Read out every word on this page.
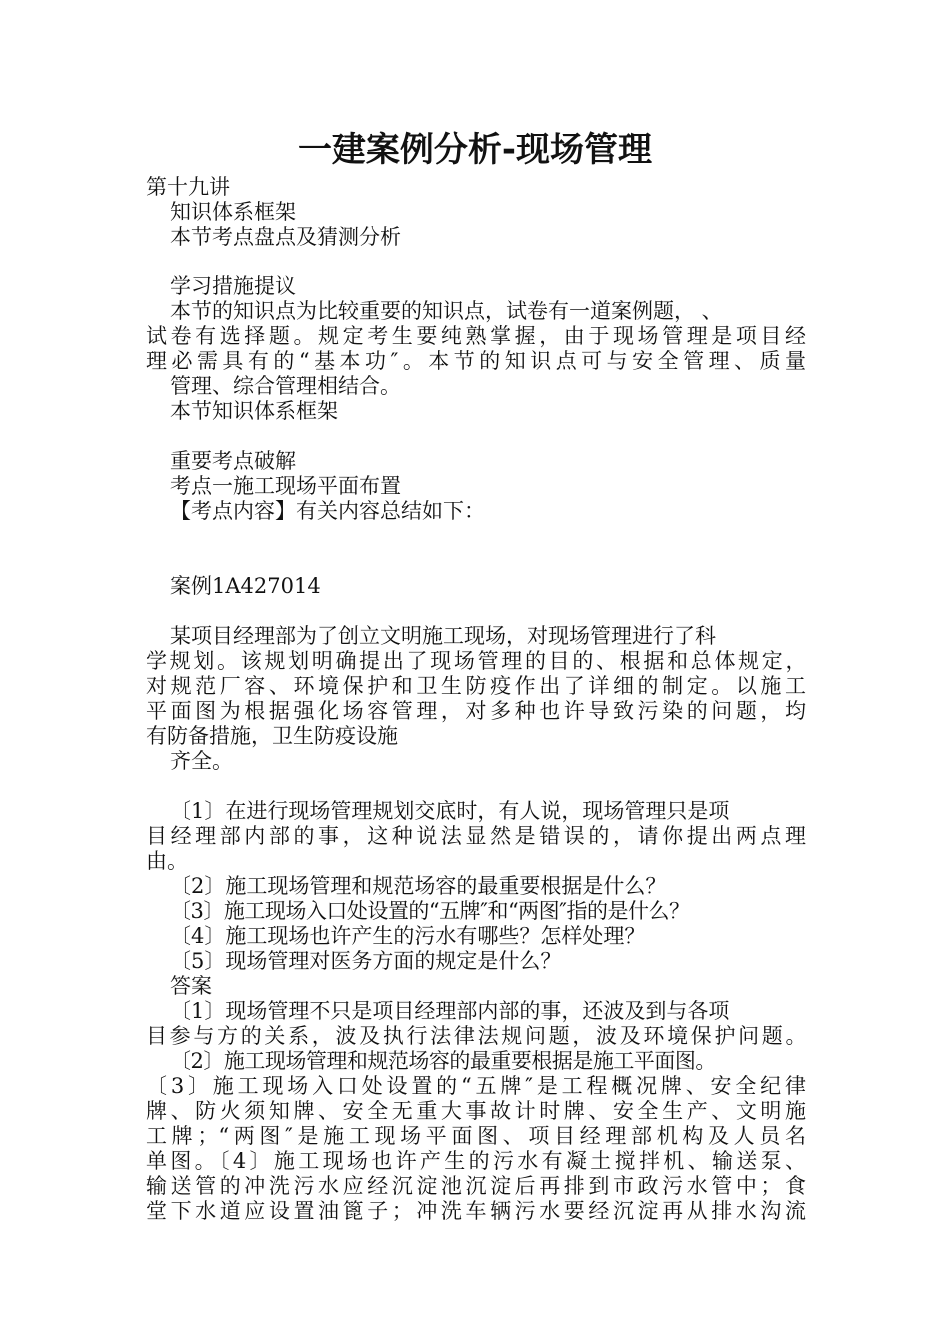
一建案例分析-现场管理
第十九讲
知识体系框架
本节考点盘点及猜测分析
学习措施提议
本节的知识点为比较重要的知识点，试卷有一道案例题， 、
试卷有选择题。规定考生要纯熟掌握，由于现场管理是项目经
理必需具有的“基本功″。本节的知识点可与安全管理、质量
管理、综合管理相结合。
本节知识体系框架
重要考点破解
考点一施工现场平面布置
【考点内容】有关内容总结如下：
案例1A427014
某项目经理部为了创立文明施工现场，对现场管理进行了科
学规划。该规划明确提出了现场管理的目的、根据和总体规定，
对规范厂容、环境保护和卫生防疫作出了详细的制定。以施工
平面图为根据强化场容管理，对多种也许导致污染的问题，均
有防备措施，卫生防疫设施
齐全。
〔1〕在进行现场管理规划交底时，有人说，现场管理只是项
目经理部内部的事，这种说法显然是错误的，请你提出两点理
由。
〔2〕施工现场管理和规范场容的最重要根据是什么？
〔3〕施工现场入口处设置的“五牌″和“两图″指的是什么？
〔4〕施工现场也许产生的污水有哪些？怎样处理？
〔5〕现场管理对医务方面的规定是什么？
答案
〔1〕现场管理不只是项目经理部内部的事，还波及到与各项
目参与方的关系，波及执行法律法规问题，波及环境保护问题。
〔2〕施工现场管理和规范场容的最重要根据是施工平面图。
〔3〕施工现场入口处设置的“五牌″是工程概况牌、安全纪律
牌、防火须知牌、安全无重大事故计时牌、安全生产、文明施
工牌；“两图″是施工现场平面图、项目经理部机构及人员名
单图。〔4〕施工现场也许产生的污水有凝土搅拌机、输送泵、
输送管的冲洗污水应经沉淀池沉淀后再排到市政污水管中；食
堂下水道应设置油篦子；冲洗车辆污水要经沉淀再从排水沟流
